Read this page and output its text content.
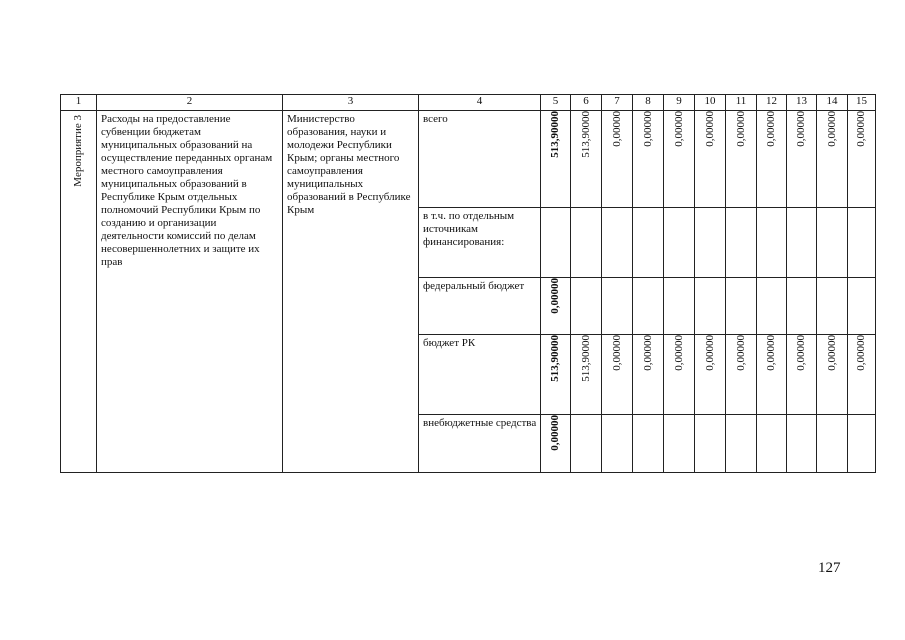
1	2	3	4	5	6	7	8	9	10	11	12	13	14	15

Мероприятие 3	Расходы на предоставление субвенции бюджетам муниципальных образований на осуществление переданных органам местного самоуправления муниципальных образований в Республике Крым отдельных полномочий Республики Крым по созданию и организации деятельности комиссий по делам несовершеннолетних и защите их прав	Министерство образования, науки и молодежи Республики Крым; органы местного самоуправления муниципальных образований в Республике Крым	всего	513,90000	513,90000	0,00000	0,00000	0,00000	0,00000	0,00000	0,00000	0,00000	0,00000	0,00000

			в т.ч. по отдельным источникам финансирования:											

			федеральный бюджет	0,00000										

			бюджет РК	513,90000	513,90000	0,00000	0,00000	0,00000	0,00000	0,00000	0,00000	0,00000	0,00000	0,00000

			внебюджетные средства	0,00000										

127
